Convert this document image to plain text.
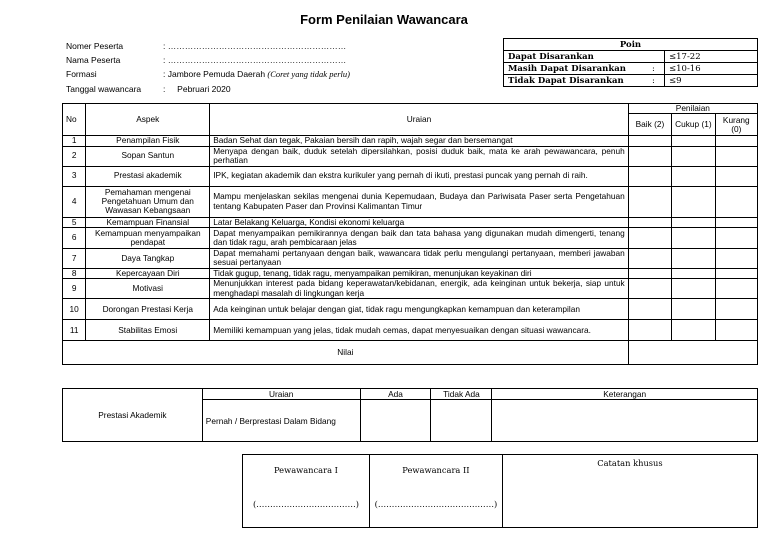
Form Penilaian Wawancara
Nomer Peserta	: ………………………………………………………
Nama Peserta	: ………………………………………………………
Formasi	: Jambore Pemuda Daerah (Coret yang tidak perlu)
Tanggal wawancara	:     Pebruari 2020
Poin		
Dapat Disarankan		≤17-22
Masih Dapat Disarankan	:	≤10-16
Tidak Dapat Disarankan	:	≤9
No	Aspek	Uraian	Penilaian		
			Baik (2)	Cukup (1)	Kurang (0)
1	Penampilan Fisik	Badan Sehat dan tegak, Pakaian bersih dan rapih, wajah segar dan bersemangat			
2	Sopan Santun	Menyapa dengan baik, duduk setelah dipersilahkan, posisi duduk baik, mata ke arah pewawancara, penuh perhatian			
3	Prestasi akademik	IPK, kegiatan akademik dan ekstra kurikuler yang pernah di ikuti, prestasi puncak yang pernah di raih.			
4	Pemahaman mengenai Pengetahuan Umum dan Wawasan Kebangsaan	Mampu menjelaskan sekilas mengenai dunia Kepemudaan, Budaya dan Pariwisata Paser serta Pengetahuan tentang Kabupaten Paser dan Provinsi Kalimantan Timur			
5	Kemampuan Finansial	Latar Belakang Keluarga, Kondisi ekonomi keluarga			
6	Kemampuan menyampaikan pendapat	Dapat menyampaikan pemikirannya dengan baik dan tata bahasa yang digunakan mudah dimengerti, tenang dan tidak ragu, arah pembicaraan jelas			
7	Daya Tangkap	Dapat memahami pertanyaan dengan baik, wawancara tidak perlu mengulangi pertanyaan, memberi jawaban sesuai pertanyaan			
8	Kepercayaan Diri	Tidak gugup, tenang, tidak ragu, menyampaikan pemikiran, menunjukan keyakinan diri			
9	Motivasi	Menunjukkan interest pada bidang keperawatan/kebidanan, energik, ada keinginan untuk bekerja, siap untuk menghadapi masalah di lingkungan kerja			
10	Dorongan Prestasi Kerja	Ada keinginan untuk belajar dengan giat, tidak ragu mengungkapkan kemampuan dan keterampilan			
11	Stabilitas Emosi	Memiliki kemampuan yang jelas, tidak mudah cemas, dapat menyesuaikan dengan situasi wawancara.			
Nilai					
Prestasi Akademik	Uraian	Ada	Tidak Ada	Keterangan
	Pernah / Berprestasi Dalam Bidang			
Pewawancara I
(………………………………)

Pewawancara II
(……………………………………)

Catatan khusus
